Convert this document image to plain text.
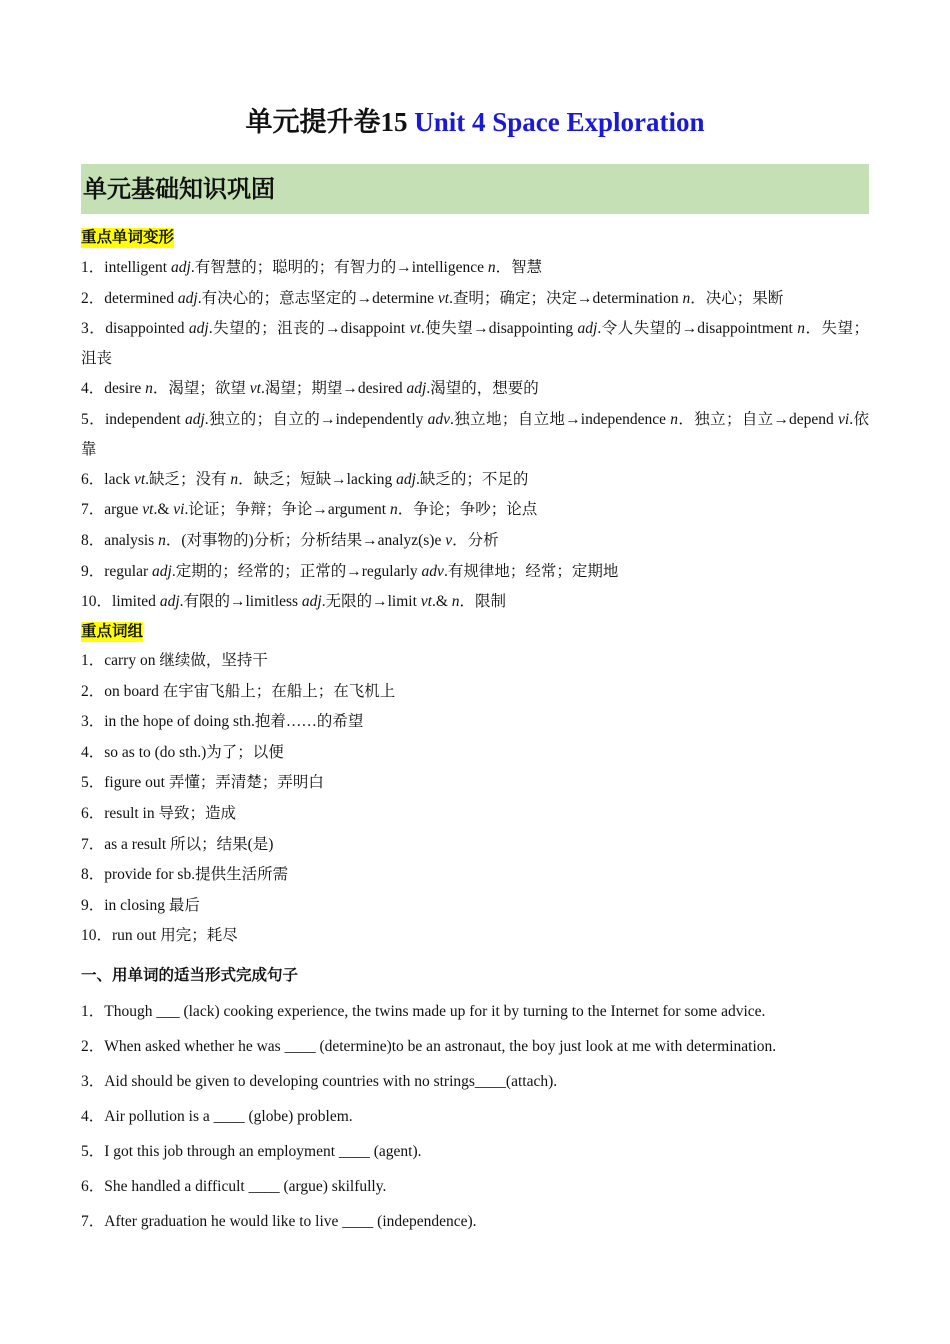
单元提升卷15 Unit 4 Space Exploration
单元基础知识巩固
重点单词变形
1．intelligent adj.有智慧的；聪明的；有智力的→intelligence n．智慧
2．determined adj.有决心的；意志坚定的→determine vt.查明；确定；决定→determination n．决心；果断
3．disappointed adj.失望的；沮丧的→disappoint vt.使失望→disappointing adj.令人失望的→disappointment n．失望；沮丧
4．desire n．渴望；欲望 vt.渴望；期望→desired adj.渴望的，想要的
5．independent adj.独立的；自立的→independently adv.独立地；自立地→independence n．独立；自立→depend vi.依靠
6．lack vt.缺乏；没有 n．缺乏；短缺→lacking adj.缺乏的；不足的
7．argue vt.& vi.论证；争辩；争论→argument n．争论；争吵；论点
8．analysis n．(对事物的)分析；分析结果→analyz(s)e v．分析
9．regular adj.定期的；经常的；正常的→regularly adv.有规律地；经常；定期地
10．limited adj.有限的→limitless adj.无限的→limit vt.& n．限制
重点词组
1．carry on 继续做，坚持干
2．on board 在宇宙飞船上；在船上；在飞机上
3．in the hope of doing sth.抱着……的希望
4．so as to (do sth.)为了；以便
5．figure out 弄懂；弄清楚；弄明白
6．result in 导致；造成
7．as a result 所以；结果(是)
8．provide for sb.提供生活所需
9．in closing 最后
10．run out 用完；耗尽
一、用单词的适当形式完成句子
1．Though ___ (lack) cooking experience, the twins made up for it by turning to the Internet for some advice.
2．When asked whether he was ____ (determine)to be an astronaut, the boy just look at me with determination.
3．Aid should be given to developing countries with no strings____(attach).
4．Air pollution is a ____ (globe) problem.
5．I got this job through an employment ____ (agent).
6．She handled a difficult ____ (argue) skilfully.
7．After graduation he would like to live ____ (independence).
